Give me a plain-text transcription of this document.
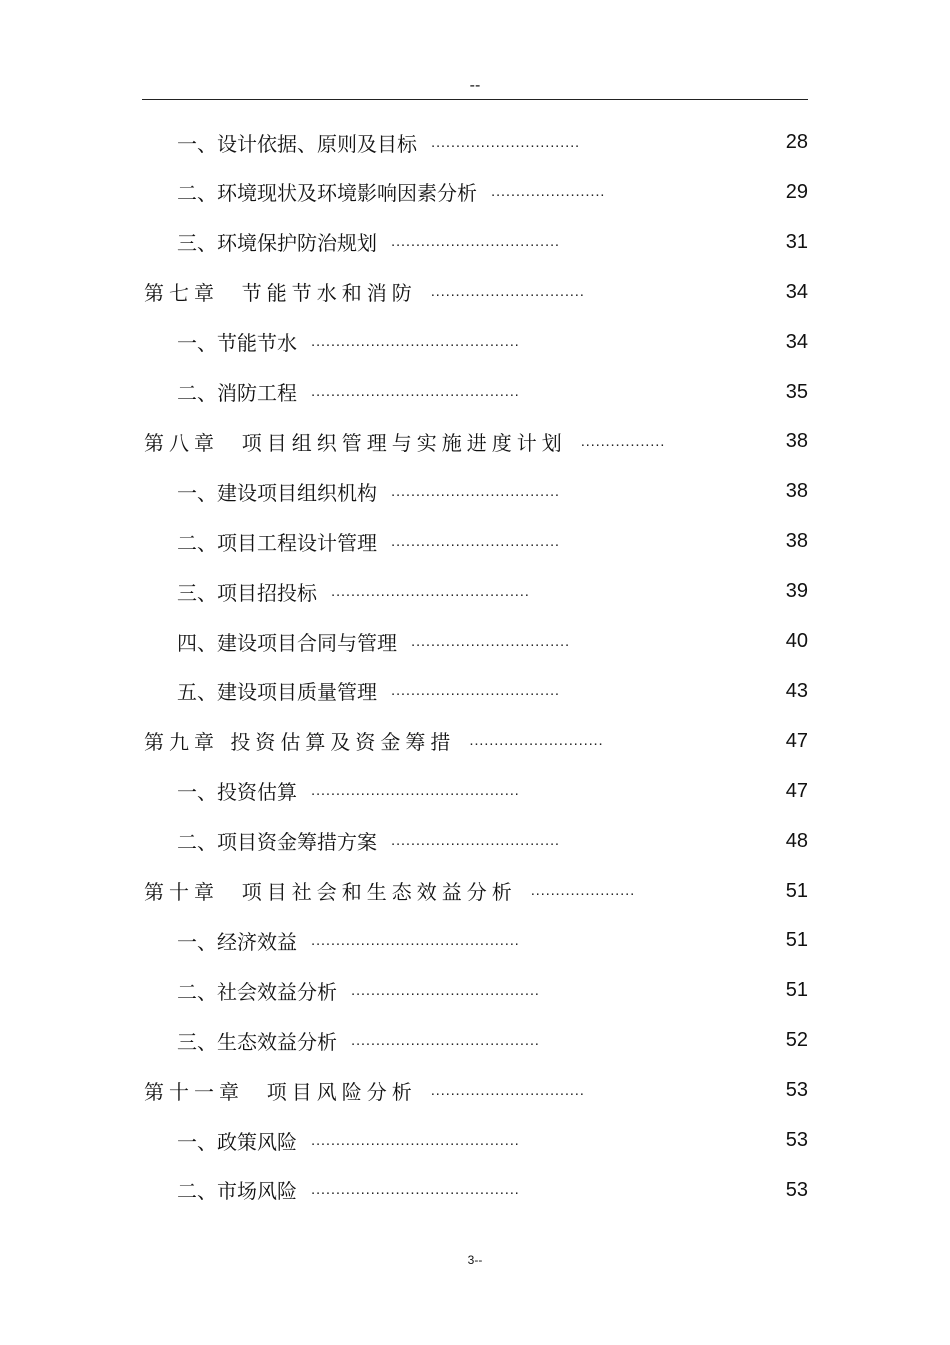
--
一、设计依据、原则及目标 ..............................	28
二、环境现状及环境影响因素分析 .......................	29
三、环境保护防治规划 ..................................	31
第七章  节能节水和消防 ...............................	34
一、节能节水 ..........................................	34
二、消防工程 ..........................................	35
第八章  项目组织管理与实施进度计划 .................	38
一、建设项目组织机构 ..................................	38
二、项目工程设计管理 ..................................	38
三、项目招投标 ........................................	39
四、建设项目合同与管理 ................................	40
五、建设项目质量管理 ..................................	43
第九章 投资估算及资金筹措 ...........................	47
一、投资估算 ..........................................	47
二、项目资金筹措方案 ..................................	48
第十章  项目社会和生态效益分析 .....................	51
一、经济效益 ..........................................	51
二、社会效益分析 ......................................	51
三、生态效益分析 ......................................	52
第十一章  项目风险分析 ...............................	53
一、政策风险 ..........................................	53
二、市场风险 ..........................................	53
3--
